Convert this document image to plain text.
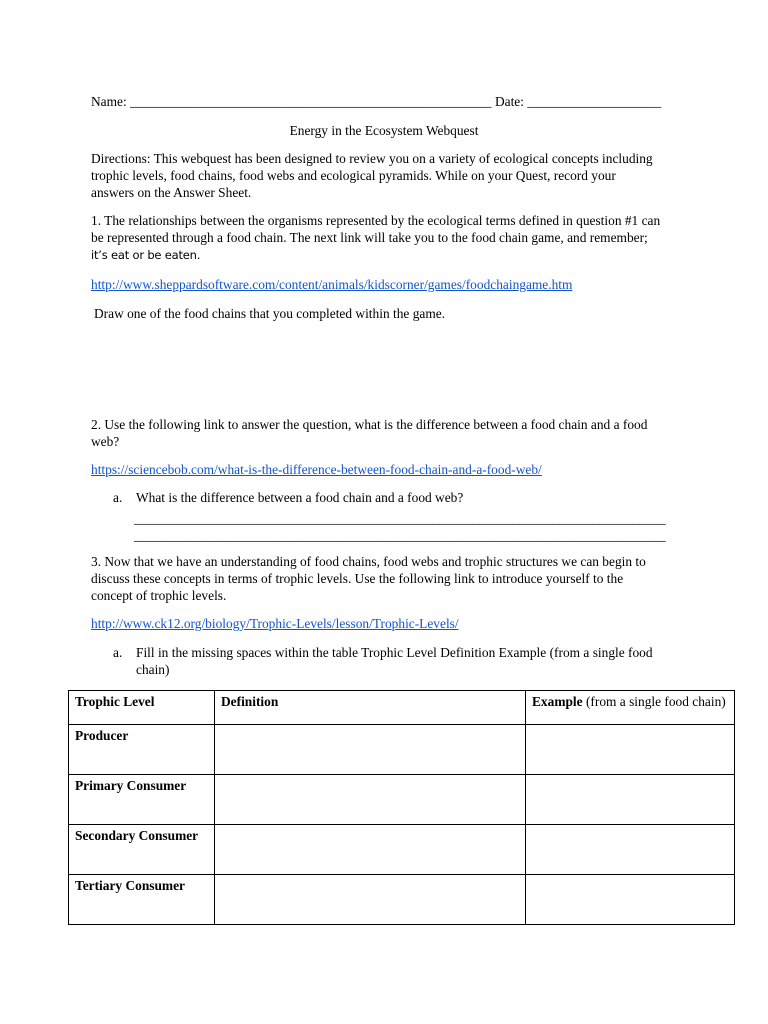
Name: ______________________________________________________ Date: ____________________
Energy in the Ecosystem Webquest
Directions: This webquest has been designed to review you on a variety of ecological concepts including
trophic levels, food chains, food webs and ecological pyramids. While on your Quest, record your
answers on the Answer Sheet.
1. The relationships between the organisms represented by the ecological terms defined in question #1 can
be represented through a food chain. The next link will take you to the food chain game, and remember;
it’s eat or be eaten.
http://www.sheppardsoftware.com/content/animals/kidscorner/games/foodchaingame.htm
Draw one of the food chains that you completed within the game.
2. Use the following link to answer the question, what is the difference between a food chain and a food
web?
https://sciencebob.com/what-is-the-difference-between-food-chain-and-a-food-web/
a. What is the difference between a food chain and a food web?
________________________________________________________________________________
________________________________________________________________________________
3. Now that we have an understanding of food chains, food webs and trophic structures we can begin to
discuss these concepts in terms of trophic levels. Use the following link to introduce yourself to the
concept of trophic levels.
http://www.ck12.org/biology/Trophic-Levels/lesson/Trophic-Levels/
a. Fill in the missing spaces within the table Trophic Level Definition Example (from a single food
chain)
Trophic Level	Definition	Example (from a single food chain)
Producer		
Primary Consumer		
Secondary Consumer		
Tertiary Consumer		
